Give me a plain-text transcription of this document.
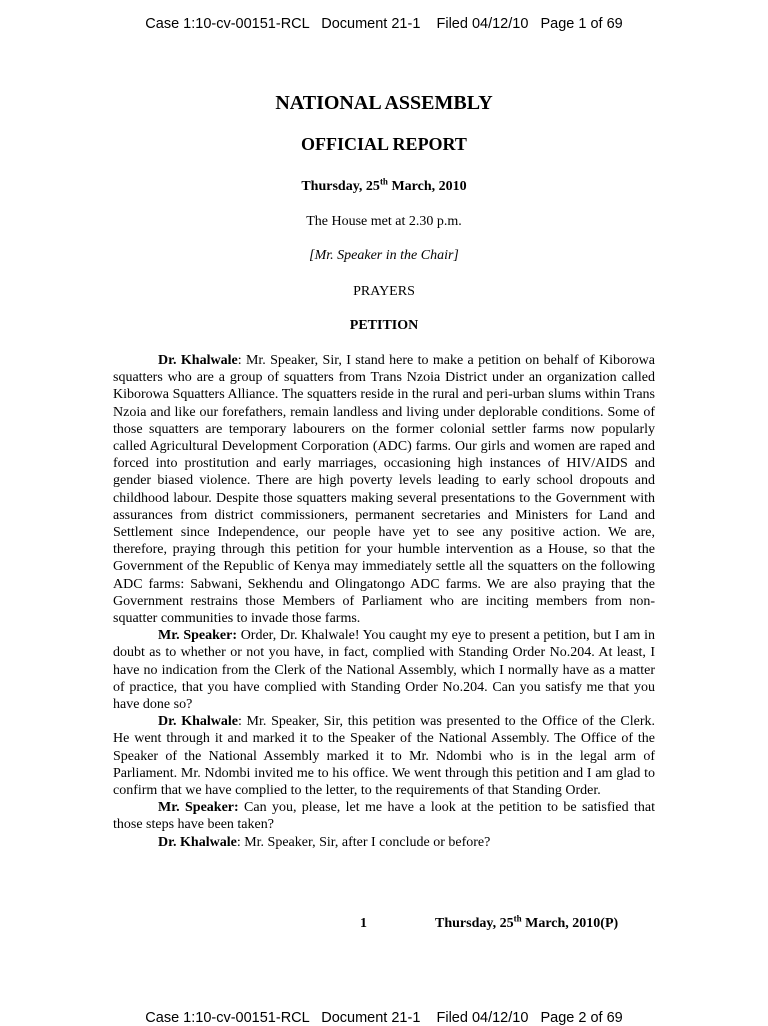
Case 1:10-cv-00151-RCL   Document 21-1    Filed 04/12/10   Page 1 of 69
NATIONAL ASSEMBLY
OFFICIAL REPORT
Thursday, 25th March, 2010
The House met at 2.30 p.m.
[Mr. Speaker in the Chair]
PRAYERS
PETITION

Dr. Khalwale: Mr. Speaker, Sir, I stand here to make a petition on behalf of Kiborowa squatters who are a group of squatters from Trans Nzoia District under an organization called Kiborowa Squatters Alliance. The squatters reside in the rural and peri-urban slums within Trans Nzoia and like our forefathers, remain landless and living under deplorable conditions. Some of those squatters are temporary labourers on the former colonial settler farms now popularly called Agricultural Development Corporation (ADC) farms. Our girls and women are raped and forced into prostitution and early marriages, occasioning high instances of HIV/AIDS and gender biased violence. There are high poverty levels leading to early school dropouts and childhood labour. Despite those squatters making several presentations to the Government with assurances from district commissioners, permanent secretaries and Ministers for Land and Settlement since Independence, our people have yet to see any positive action. We are, therefore, praying through this petition for your humble intervention as a House, so that the Government of the Republic of Kenya may immediately settle all the squatters on the following ADC farms: Sabwani, Sekhendu and Olingatongo ADC farms. We are also praying that the Government restrains those Members of Parliament who are inciting members from non-squatter communities to invade those farms.

Mr. Speaker: Order, Dr. Khalwale! You caught my eye to present a petition, but I am in doubt as to whether or not you have, in fact, complied with Standing Order No.204. At least, I have no indication from the Clerk of the National Assembly, which I normally have as a matter of practice, that you have complied with Standing Order No.204. Can you satisfy me that you have done so?

Dr. Khalwale: Mr. Speaker, Sir, this petition was presented to the Office of the Clerk. He went through it and marked it to the Speaker of the National Assembly. The Office of the Speaker of the National Assembly marked it to Mr. Ndombi who is in the legal arm of Parliament. Mr. Ndombi invited me to his office. We went through this petition and I am glad to confirm that we have complied to the letter, to the requirements of that Standing Order.

Mr. Speaker: Can you, please, let me have a look at the petition to be satisfied that those steps have been taken?

Dr. Khalwale: Mr. Speaker, Sir, after I conclude or before?

1	Thursday, 25th March, 2010(P)
Case 1:10-cv-00151-RCL   Document 21-1    Filed 04/12/10   Page 2 of 69
